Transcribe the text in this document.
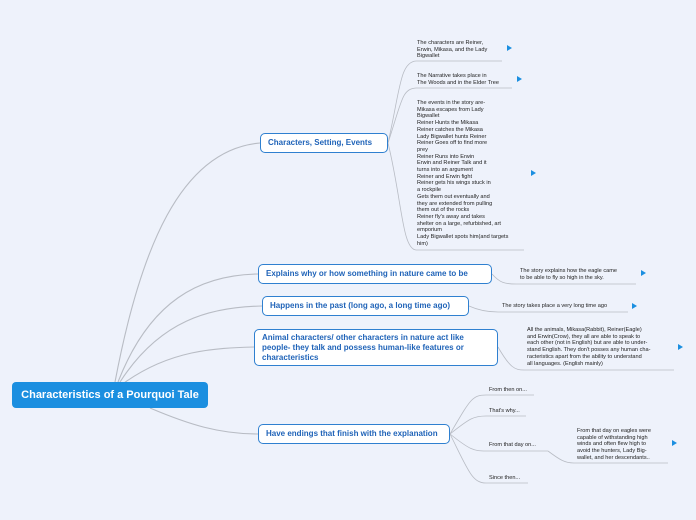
Characteristics of a Pourquoi Tale
Characters, Setting, Events
Explains why or how something in nature came to be
Happens in the past (long ago, a long time ago)
Animal characters/ other characters in nature act like people- they talk and possess human-like features or characteristics
Have endings that finish with the explanation
The characters are Reiner,
Erwin, Mikasa, and the Lady
Bigwallet
The Narrative takes place in
The Woods and in the Elder Tree
The events in the story are-
Mikasa escapes from Lady
Bigwallet
Reiner Hunts the Mikasa
Reiner catches the Mikasa
Lady Bigwallet hunts Reiner
Reiner Goes off to find more
prey
Reiner Runs into Erwin
Erwin and Reiner Talk and it
turns into an argument
Reiner and Erwin fight
Reiner gets his wings stuck in
a rockpile
Gets them out eventually and
they are extended from pulling
them out of the rocks
Reiner fly's away and takes
shelter on a large, refurbished, art
emporium
Lady Bigwallet spots him(and targets
him)
The story explains how the eagle came
to be able to fly so high in the sky.
The story takes place a very long time ago
All the animals, Mikasa(Rabbit), Reiner(Eagle)
and Erwin(Crow), they all are able to speak to
each other (not in English) but are able to under-
stand English. They don't posses any human cha-
racteristics apart from the ability to understand
all languages. (English mainly)
From then on...
That's why...
From that day on...
Since then...
From that day on eagles were
capable of withstanding high
winds and often flew high to
avoid the hunters, Lady Big-
wallet, and her descendants..
